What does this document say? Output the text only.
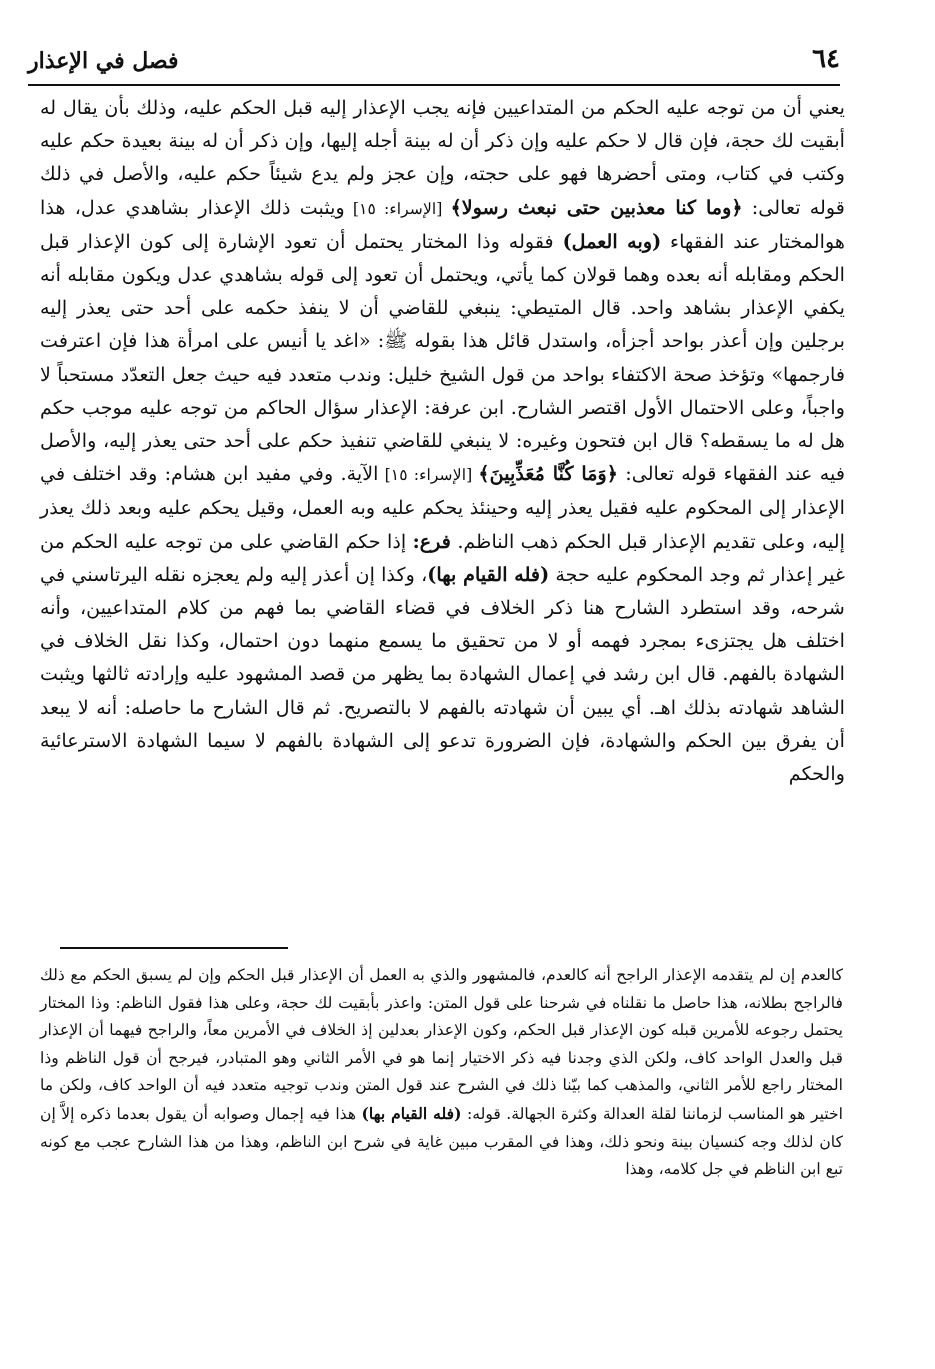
٦٤
فصل في الإعذار

يعني أن من توجه عليه الحكم من المتداعيين فإنه يجب الإعذار إليه قبل الحكم عليه، وذلك بأن يقال له أبقيت لك حجة، فإن قال لا حكم عليه وإن ذكر أن له بينة أجله إليها، وإن ذكر أن له بينة بعيدة حكم عليه وكتب في كتاب، ومتى أحضرها فهو على حجته، وإن عجز ولم يدع شيئاً حكم عليه، والأصل في ذلك قوله تعالى: ﴿وما كنا معذبين حتى نبعث رسولا﴾ [الإسراء: ١٥] ويثبت ذلك الإعذار بشاهدي عدل، هذا هوالمختار عند الفقهاء (وبه العمل) فقوله وذا المختار يحتمل أن تعود الإشارة إلى كون الإعذار قبل الحكم ومقابله أنه بعده وهما قولان كما يأتي، ويحتمل أن تعود إلى قوله بشاهدي عدل ويكون مقابله أنه يكفي الإعذار بشاهد واحد. قال المتيطي: ينبغي للقاضي أن لا ينفذ حكمه على أحد حتى يعذر إليه برجلين وإن أعذر بواحد أجزأه، واستدل قائل هذا بقوله ﷺ: «اغد يا أنيس على امرأة هذا فإن اعترفت فارجمها» وتؤخذ صحة الاكتفاء بواحد من قول الشيخ خليل: وندب متعدد فيه حيث جعل التعدّد مستحباً لا واجباً، وعلى الاحتمال الأول اقتصر الشارح. ابن عرفة: الإعذار سؤال الحاكم من توجه عليه موجب حكم هل له ما يسقطه؟ قال ابن فتحون وغيره: لا ينبغي للقاضي تنفيذ حكم على أحد حتى يعذر إليه، والأصل فيه عند الفقهاء قوله تعالى: ﴿وَمَا كُنَّا مُعَذِّبِينَ﴾ [الإسراء: ١٥] الآية. وفي مفيد ابن هشام: وقد اختلف في الإعذار إلى المحكوم عليه فقيل يعذر إليه وحينئذ يحكم عليه وبه العمل، وقيل يحكم عليه وبعد ذلك يعذر إليه، وعلى تقديم الإعذار قبل الحكم ذهب الناظم. فرع: إذا حكم القاضي على من توجه عليه الحكم من غير إعذار ثم وجد المحكوم عليه حجة (فله القيام بها)، وكذا إن أعذر إليه ولم يعجزه نقله اليرتاسني في شرحه، وقد استطرد الشارح هنا ذكر الخلاف في قضاء القاضي بما فهم من كلام المتداعيين، وأنه اختلف هل يجتزىء بمجرد فهمه أو لا من تحقيق ما يسمع منهما دون احتمال، وكذا نقل الخلاف في الشهادة بالفهم. قال ابن رشد في إعمال الشهادة بما يظهر من قصد المشهود عليه وإرادته ثالثها ويثبت الشاهد شهادته بذلك اهـ. أي يبين أن شهادته بالفهم لا بالتصريح. ثم قال الشارح ما حاصله: أنه لا يبعد أن يفرق بين الحكم والشهادة، فإن الضرورة تدعو إلى الشهادة بالفهم لا سيما الشهادة الاسترعائية والحكم

كالعدم إن لم يتقدمه الإعذار الراجح أنه كالعدم، فالمشهور والذي به العمل أن الإعذار قبل الحكم وإن لم يسبق الحكم مع ذلك فالراجح بطلانه، هذا حاصل ما نقلناه في شرحنا على قول المتن: واعذر بأبقيت لك حجة، وعلى هذا فقول الناظم: وذا المختار يحتمل رجوعه للأمرين قبله كون الإعذار قبل الحكم، وكون الإعذار بعدلين إذ الخلاف في الأمرين معاً، والراجح فيهما أن الإعذار قبل والعدل الواحد كاف، ولكن الذي وجدنا فيه ذكر الاختيار إنما هو في الأمر الثاني وهو المتبادر، فيرجح أن قول الناظم وذا المختار راجع للأمر الثاني، والمذهب كما بيّنا ذلك في الشرح عند قول المتن وندب توجيه متعدد فيه أن الواحد كاف، ولكن ما اختير هو المناسب لزماننا لقلة العدالة وكثرة الجهالة. قوله: (فله القيام بها) هذا فيه إجمال وصوابه أن يقول بعدما ذكره إلاَّ إن كان لذلك وجه كنسيان بينة ونحو ذلك، وهذا في المقرب مبين غاية في شرح ابن الناظم، وهذا من هذا الشارح عجب مع كونه تبع ابن الناظم في جل كلامه، وهذا
